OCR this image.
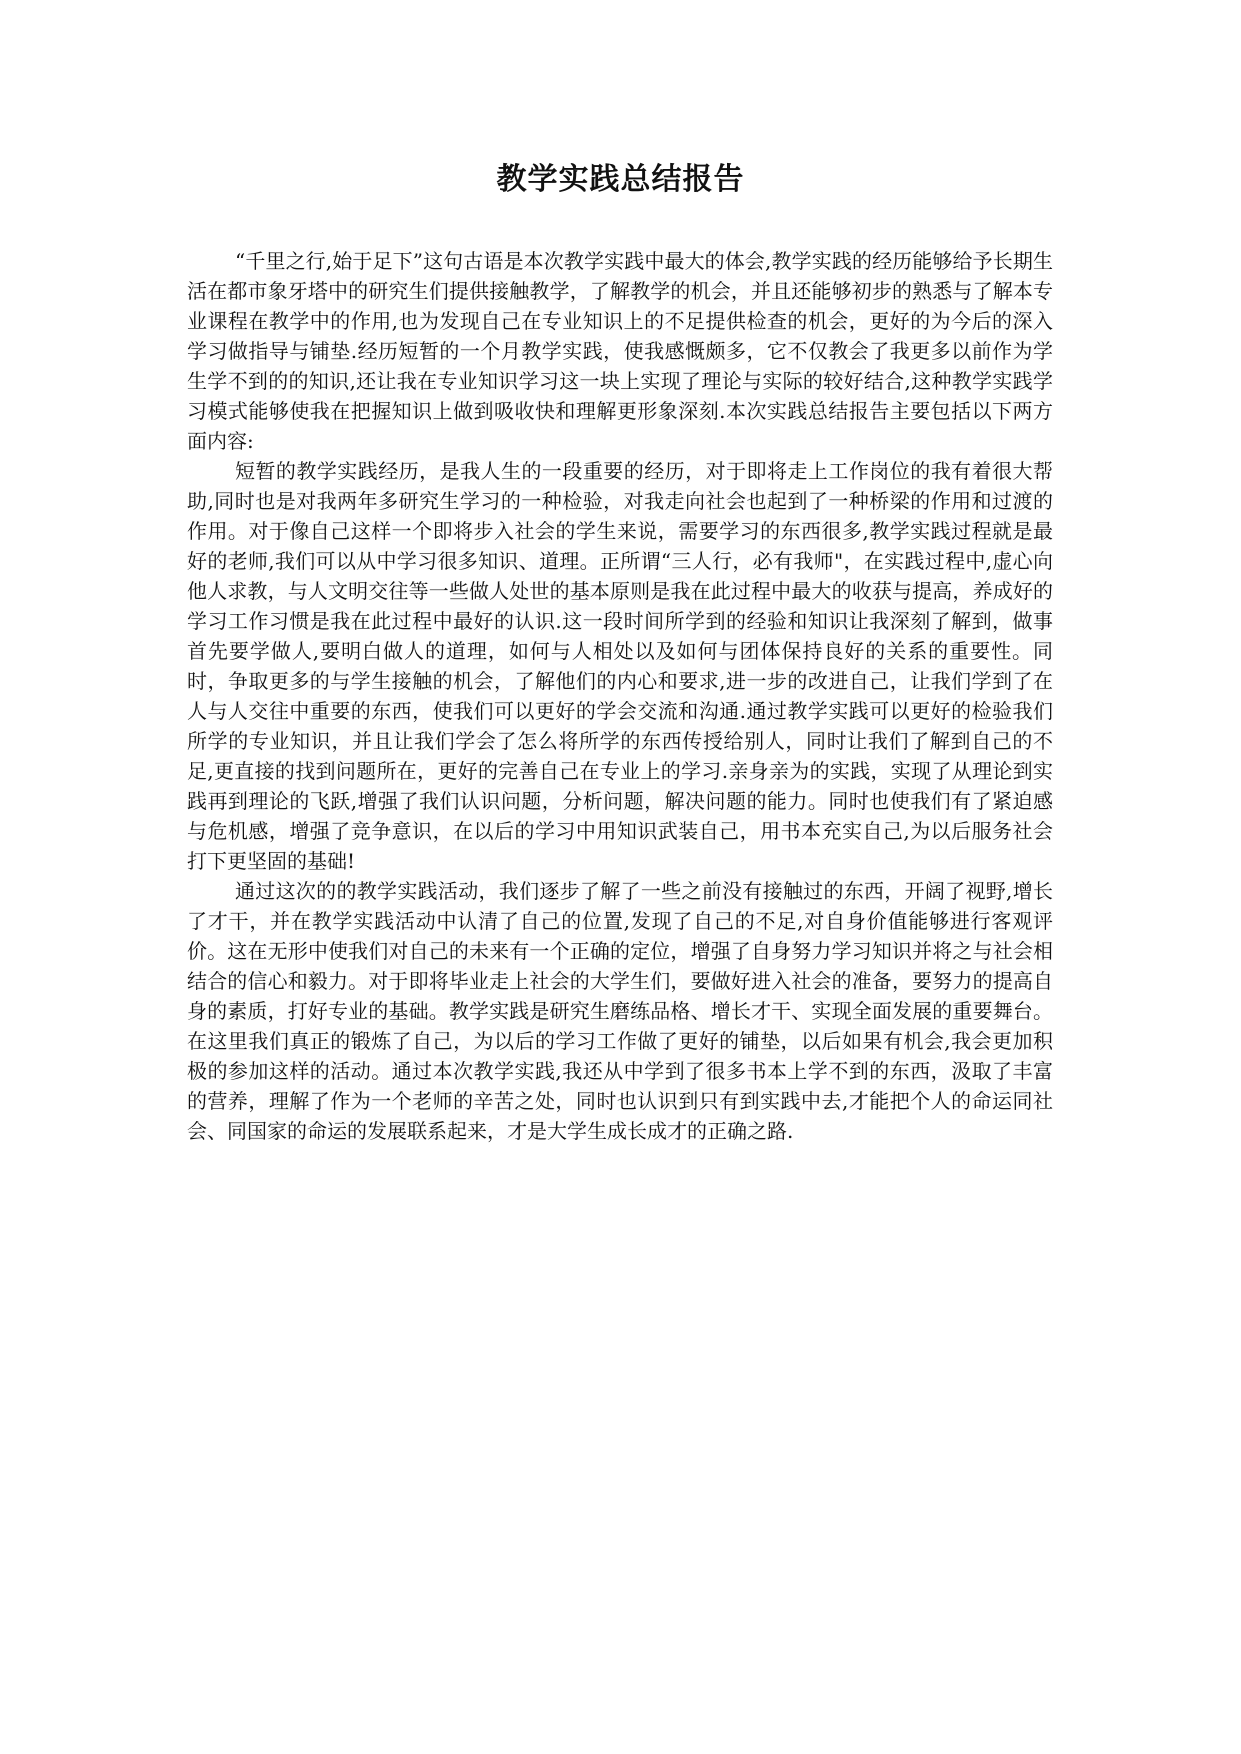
教学实践总结报告

“千里之行,始于足下”这句古语是本次教学实践中最大的体会,教学实践的经历能够给予长期生活在都市象牙塔中的研究生们提供接触教学，了解教学的机会，并且还能够初步的熟悉与了解本专业课程在教学中的作用,也为发现自己在专业知识上的不足提供检查的机会，更好的为今后的深入学习做指导与铺垫.经历短暂的一个月教学实践，使我感慨颇多，它不仅教会了我更多以前作为学生学不到的的知识,还让我在专业知识学习这一块上实现了理论与实际的较好结合,这种教学实践学习模式能够使我在把握知识上做到吸收快和理解更形象深刻.本次实践总结报告主要包括以下两方面内容:

短暂的教学实践经历，是我人生的一段重要的经历，对于即将走上工作岗位的我有着很大帮助,同时也是对我两年多研究生学习的一种检验，对我走向社会也起到了一种桥梁的作用和过渡的作用。对于像自己这样一个即将步入社会的学生来说，需要学习的东西很多,教学实践过程就是最好的老师,我们可以从中学习很多知识、道理。正所谓“三人行，必有我师"，在实践过程中,虚心向他人求教，与人文明交往等一些做人处世的基本原则是我在此过程中最大的收获与提高，养成好的学习工作习惯是我在此过程中最好的认识.这一段时间所学到的经验和知识让我深刻了解到，做事首先要学做人,要明白做人的道理，如何与人相处以及如何与团体保持良好的关系的重要性。同时，争取更多的与学生接触的机会，了解他们的内心和要求,进一步的改进自己，让我们学到了在人与人交往中重要的东西，使我们可以更好的学会交流和沟通.通过教学实践可以更好的检验我们所学的专业知识，并且让我们学会了怎么将所学的东西传授给别人，同时让我们了解到自己的不足,更直接的找到问题所在，更好的完善自己在专业上的学习.亲身亲为的实践，实现了从理论到实践再到理论的飞跃,增强了我们认识问题，分析问题，解决问题的能力。同时也使我们有了紧迫感与危机感，增强了竞争意识，在以后的学习中用知识武装自己，用书本充实自己,为以后服务社会打下更坚固的基础!

通过这次的的教学实践活动，我们逐步了解了一些之前没有接触过的东西，开阔了视野,增长了才干，并在教学实践活动中认清了自己的位置,发现了自己的不足,对自身价值能够进行客观评价。这在无形中使我们对自己的未来有一个正确的定位，增强了自身努力学习知识并将之与社会相结合的信心和毅力。对于即将毕业走上社会的大学生们，要做好进入社会的准备，要努力的提高自身的素质，打好专业的基础。教学实践是研究生磨练品格、增长才干、实现全面发展的重要舞台。在这里我们真正的锻炼了自己，为以后的学习工作做了更好的铺垫，以后如果有机会,我会更加积极的参加这样的活动。通过本次教学实践,我还从中学到了很多书本上学不到的东西，汲取了丰富的营养，理解了作为一个老师的辛苦之处，同时也认识到只有到实践中去,才能把个人的命运同社会、同国家的命运的发展联系起来，才是大学生成长成才的正确之路.
